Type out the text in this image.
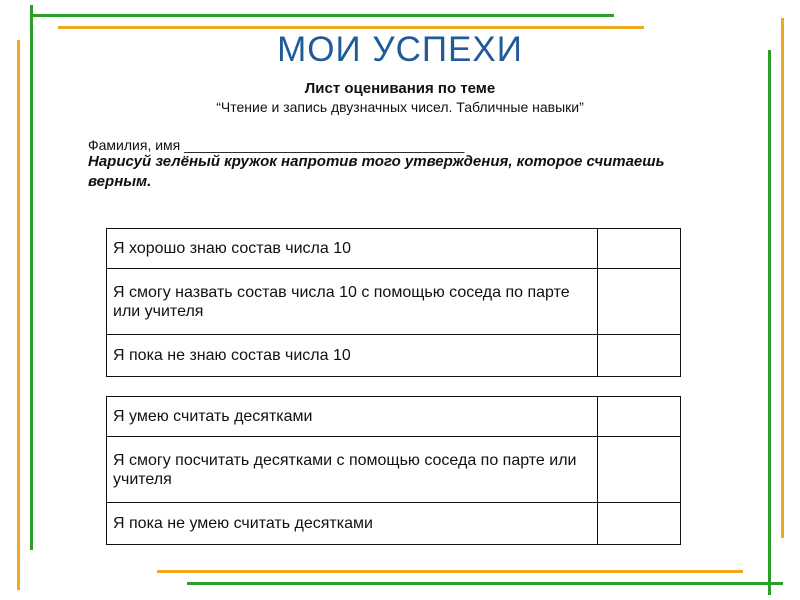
МОИ УСПЕХИ
Лист оценивания по теме
“Чтение и запись двузначных чисел. Табличные навыки”
Фамилия, имя ____________________________________
Нарисуй зелёный кружок напротив того утверждения, которое считаешь верным.
Я хорошо знаю состав числа 10	
Я смогу назвать состав числа 10 с помощью соседа по парте или учителя	
Я пока не знаю состав числа 10	
Я умею считать десятками	
Я смогу посчитать десятками с помощью соседа по парте или учителя	
Я пока не умею считать десятками	
